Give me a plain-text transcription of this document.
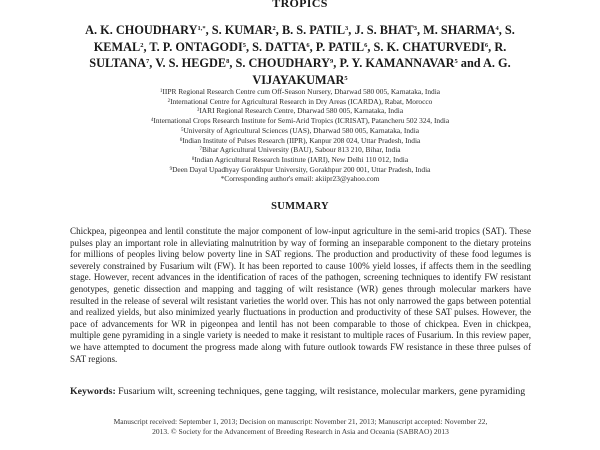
TROPICS
A. K. $CHOUDHARY^{1,*}$, S. KUMAR$^2$, B. S. PATIL$^3$, J. S. BHAT$^3$, M. SHARMA$^4$, S. KEMAL$^2$, T. P. ONTAGODI$^5$, S. DATTA$^6$, P. PATIL$^6$, S. K. CHATURVEDI$^6$, R. SULTANA$^7$, V. S. HEGDE$^8$, S. CHOUDHARY$^9$, P. Y. KAMANNAVAR$^5$ and A. G. VIJAYAKUMAR$^5$
$^1$IIPR Regional Research Centre cum Off-Season Nursery, Dharwad 580 005, Karnataka, India
$^2$International Centre for Agricultural Research in Dry Areas (ICARDA), Rabat, Morocco
$^3$IARI Regional Research Centre, Dharwad 580 005, Karnataka, India
$^4$International Crops Research Institute for Semi-Arid Tropics (ICRISAT), Patancheru 502 324, India
$^5$University of Agricultural Sciences (UAS), Dharwad 580 005, Karnataka, India
$^6$Indian Institute of Pulses Research (IIPR), Kanpur 208 024, Uttar Pradesh, India
$^7$Bihar Agricultural University (BAU), Sabour 813 210, Bihar, India
$^8$Indian Agricultural Research Institute (IARI), New Delhi 110 012, India
$^9$Deen Dayal Upadhyay Gorakhpur University, Gorakhpur 200 001, Uttar Pradesh, India
*Corresponding author's email: akiipr23@yahoo.com
SUMMARY
Chickpea, pigeonpea and lentil constitute the major component of low-input agriculture in the semi-arid tropics (SAT). These pulses play an important role in alleviating malnutrition by way of forming an inseparable component to the dietary proteins for millions of peoples living below poverty line in SAT regions. The production and productivity of these food legumes is severely constrained by Fusarium wilt (FW). It has been reported to cause 100% yield losses, if affects them in the seedling stage. However, recent advances in the identification of races of the pathogen, screening techniques to identify FW resistant genotypes, genetic dissection and mapping and tagging of wilt resistance (WR) genes through molecular markers have resulted in the release of several wilt resistant varieties the world over. This has not only narrowed the gaps between potential and realized yields, but also minimized yearly fluctuations in production and productivity of these SAT pulses. However, the pace of advancements for WR in pigeonpea and lentil has not been comparable to those of chickpea. Even in chickpea, multiple gene pyramiding in a single variety is needed to make it resistant to multiple races of Fusarium. In this review paper, we have attempted to document the progress made along with future outlook towards FW resistance in these three pulses of SAT regions.
Keywords: Fusarium wilt, screening techniques, gene tagging, wilt resistance, molecular markers, gene pyramiding
Manuscript received: September 1, 2013; Decision on manuscript: November 21, 2013; Manuscript accepted: November 22,
2013. © Society for the Advancement of Breeding Research in Asia and Oceania (SABRAO) 2013
